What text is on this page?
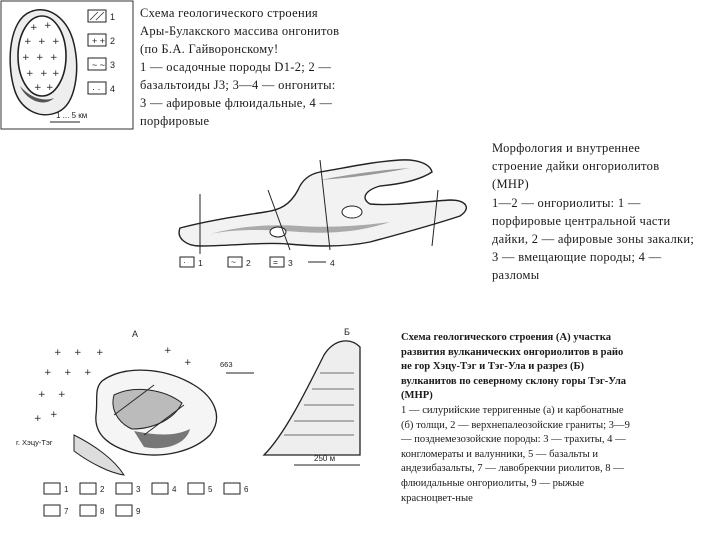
+ +
+ + +
+ + +
+ + +
+ +
1 ... 5 км
+ +
~ ~
· ·
1
2
3
4
Схема геологического строения
Ары-Булакского массива онгонитов
(по Б.А. Гайворонскому!
1 — осадочные породы D1-2; 2 —
базальтоиды J3; 3—4 — онгониты:
3 — афировые флюидальные, 4 —
порфировые
·	~	=
1	2	3	4
Морфология и внутреннее
строение дайки онгориолитов
(МНР)
1—2 — онгориолиты: 1 —
порфировые центральной части
дайки, 2 — афировые зоны закалки;
3 — вмещающие породы; 4 —
разломы
А
+ + +
+ + +
+ +
+ +
+
+
г. Хэцу-Тэг
663
Б
250 м
1	2	3	4	5	6
7	8	9
Схема геологического строения (А) участка
развития вулканических онгориолитов в райо
не гор Хэцу-Тэг и Тэг-Ула и разрез (Б)
вулканитов по северному склону горы Тэг-Ула
(МНР)
1 — силурийские терригенные (а) и карбонатные
(б) толщи, 2 — верхнепалеозойские граниты; 3—9
— позднемезозойские породы: 3 — трахиты, 4 —
конгломераты и валунники, 5 — базальты и
андезибазальты, 7 — лавобрекчии риолитов, 8 —
флюидальные онгориолиты, 9 — рыжые
красноцвет-ные
